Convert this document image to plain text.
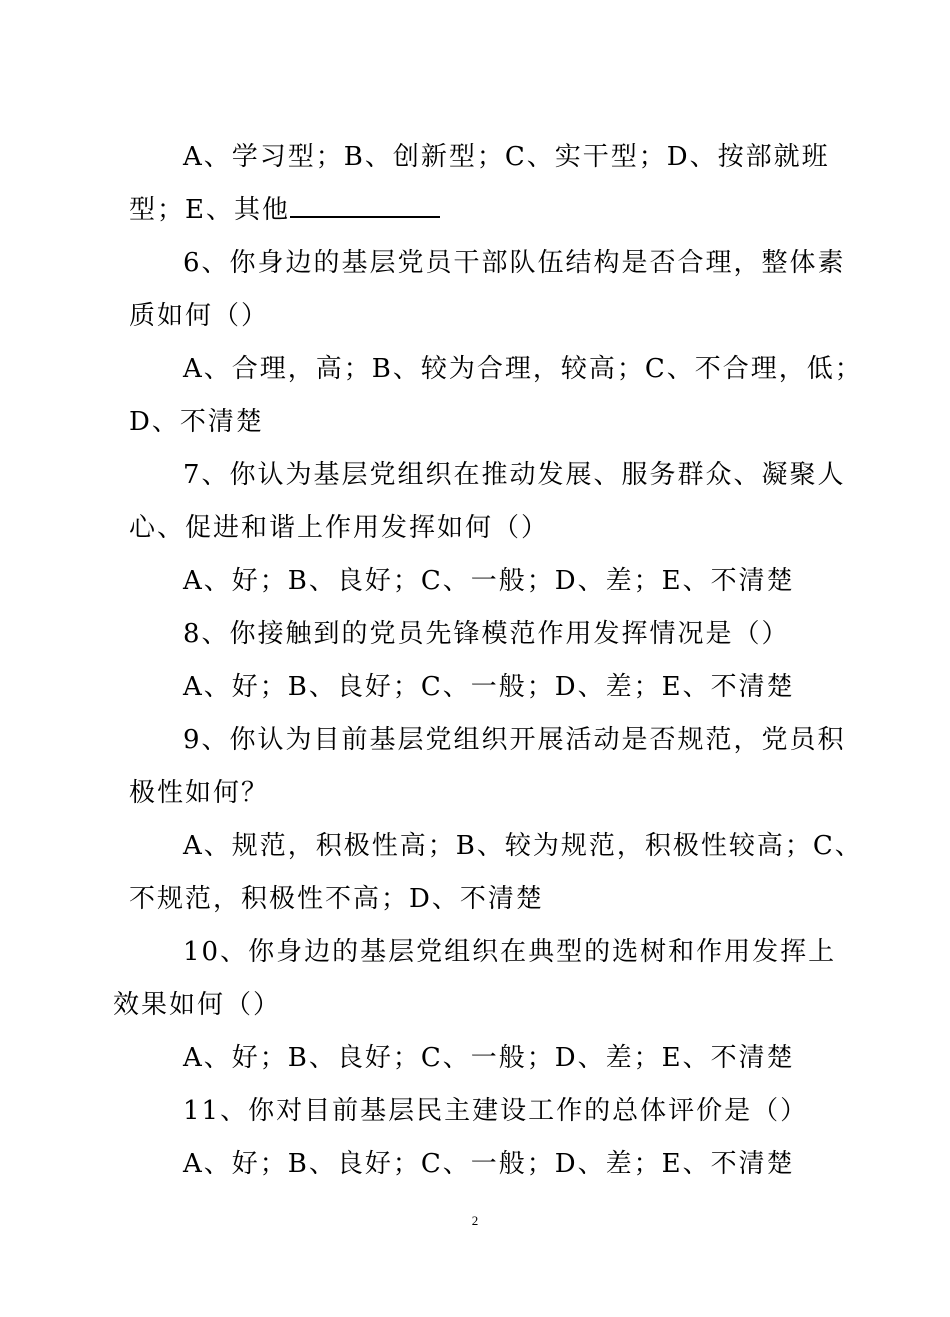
A、学习型；B、创新型；C、实干型；D、按部就班
型；E、其他
6、你身边的基层党员干部队伍结构是否合理，整体素
质如何（）
A、合理，高；B、较为合理，较高；C、不合理，低；
D、不清楚
7、你认为基层党组织在推动发展、服务群众、凝聚人
心、促进和谐上作用发挥如何（）
A、好；B、良好；C、一般；D、差；E、不清楚
8、你接触到的党员先锋模范作用发挥情况是（）
A、好；B、良好；C、一般；D、差；E、不清楚
9、你认为目前基层党组织开展活动是否规范，党员积
极性如何？
A、规范，积极性高；B、较为规范，积极性较高；C、
不规范，积极性不高；D、不清楚
10、你身边的基层党组织在典型的选树和作用发挥上
效果如何（）
A、好；B、良好；C、一般；D、差；E、不清楚
11、你对目前基层民主建设工作的总体评价是（）
A、好；B、良好；C、一般；D、差；E、不清楚
2
